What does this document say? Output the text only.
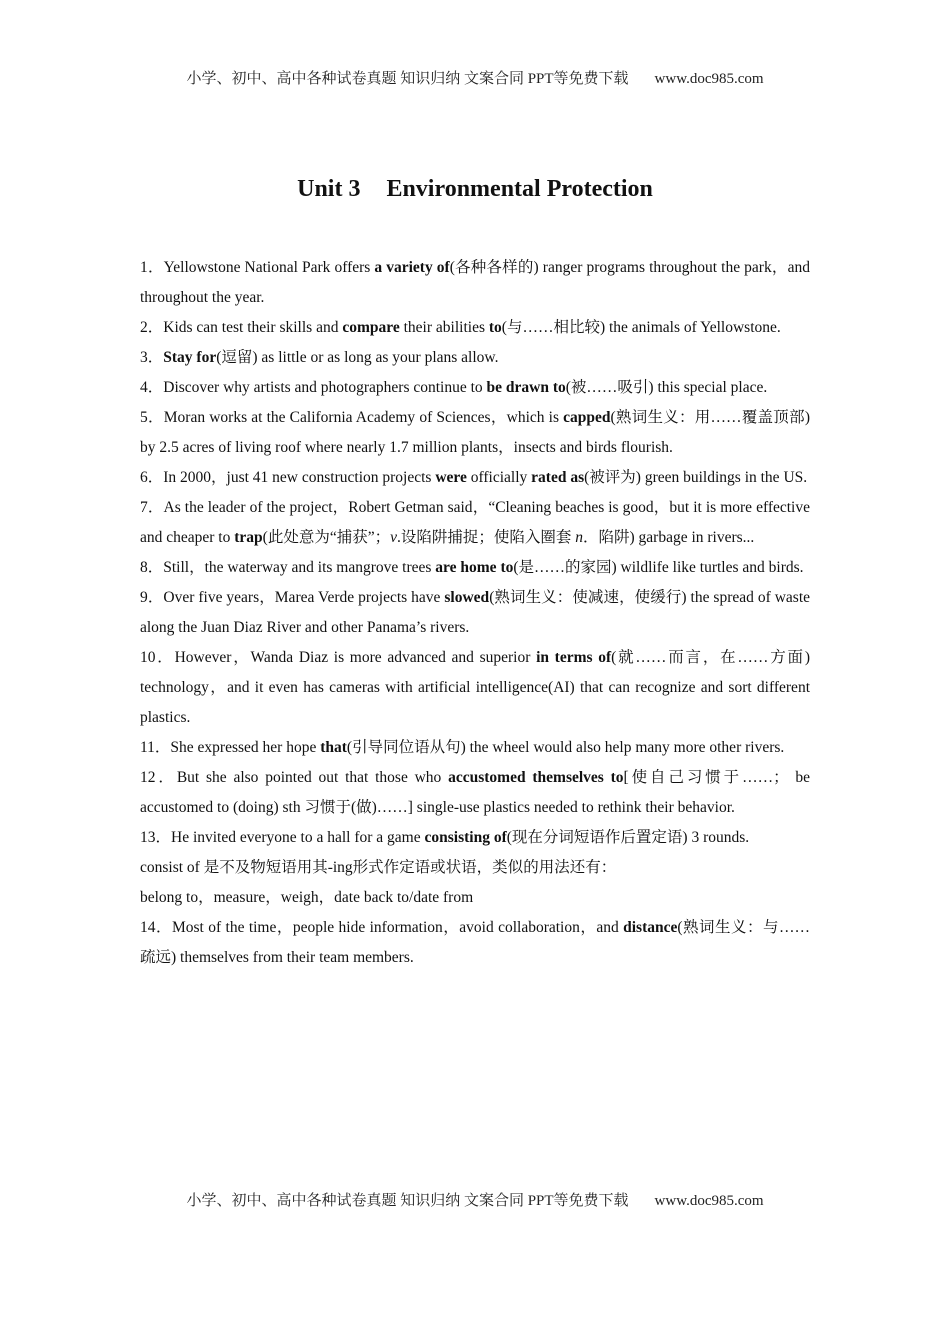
小学、初中、高中各种试卷真题 知识归纳 文案合同 PPT等免费下载 www.doc985.com
Unit 3 Environmental Protection

1．Yellowstone National Park offers a variety of(各种各样的) ranger programs throughout the park，and throughout the year.

2．Kids can test their skills and compare their abilities to(与……相比较) the animals of Yellowstone.

3．Stay for(逗留) as little or as long as your plans allow.

4．Discover why artists and photographers continue to be drawn to(被……吸引) this special place.

5．Moran works at the California Academy of Sciences，which is capped(熟词生义：用……覆盖顶部) by 2.5 acres of living roof where nearly 1.7 million plants，insects and birds flourish.

6．In 2000，just 41 new construction projects were officially rated as(被评为) green buildings in the US.

7．As the leader of the project，Robert Getman said，“Cleaning beaches is good，but it is more effective and cheaper to trap(此处意为“捕获”；v.设陷阱捕捉；使陷入圈套 n．陷阱) garbage in rivers...

8．Still，the waterway and its mangrove trees are home to(是……的家园) wildlife like turtles and birds.

9．Over five years，Marea Verde projects have slowed(熟词生义：使减速，使缓行) the spread of waste along the Juan Diaz River and other Panama’s rivers.

10．However，Wanda Diaz is more advanced and superior in terms of(就……而言，在……方面) technology，and it even has cameras with artificial intelligence(AI) that can recognize and sort different plastics.

11．She expressed her hope that(引导同位语从句) the wheel would also help many more other rivers.

12．But she also pointed out that those who accustomed themselves to[使自己习惯于……； be accustomed to (doing) sth 习惯于(做)……] single-use plastics needed to rethink their behavior.

13．He invited everyone to a hall for a game consisting of(现在分词短语作后置定语) 3 rounds.

consist of 是不及物短语用其-ing形式作定语或状语，类似的用法还有：

belong to，measure，weigh，date back to/date from

14．Most of the time，people hide information，avoid collaboration，and distance(熟词生义：与……疏远) themselves from their team members.

小学、初中、高中各种试卷真题 知识归纳 文案合同 PPT等免费下载 www.doc985.com
